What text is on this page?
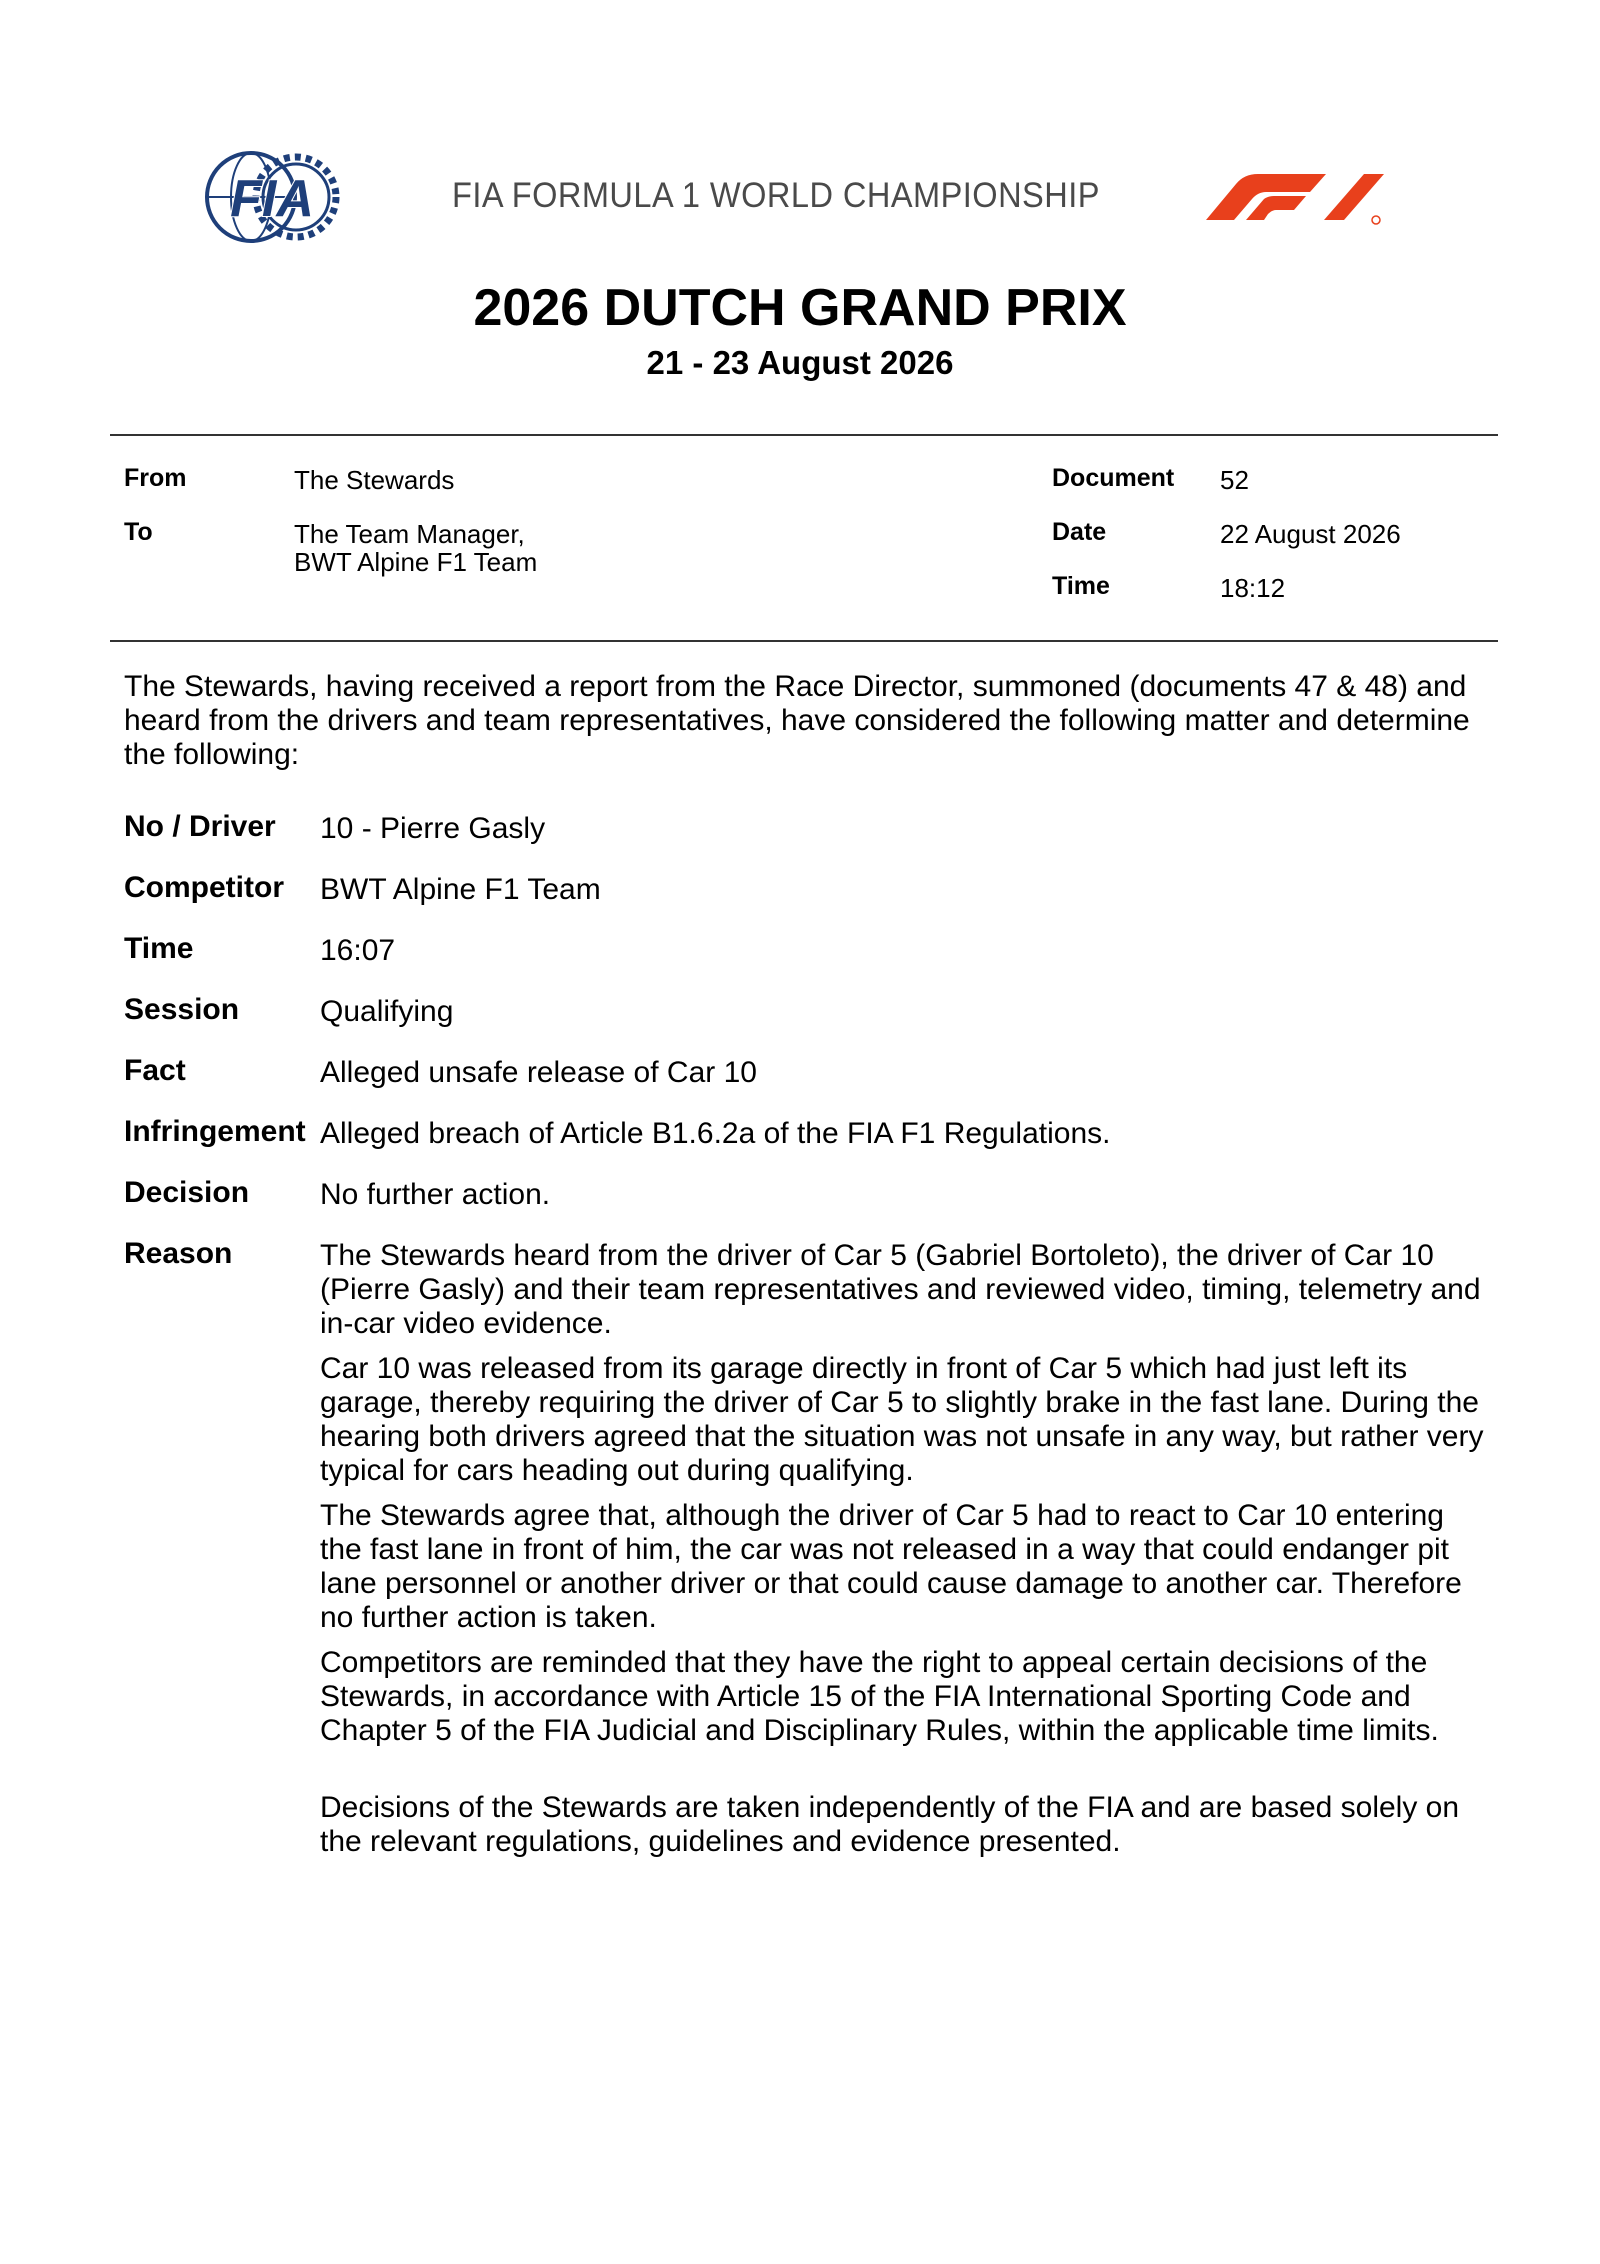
FIA	FIA FORMULA 1 WORLD CHAMPIONSHIP
2026 DUTCH GRAND PRIX
21 - 23 August 2026
From	The Stewards
To	The Team Manager,
BWT Alpine F1 Team
Document 52
Date	22 August 2026
Time	18:12
The Stewards, having received a report from the Race Director, summoned (documents 47 & 48) and heard from the drivers and team representatives, have considered the following matter and determine the following:
No / Driver 10 - Pierre Gasly
Competitor BWT Alpine F1 Team
Time	16:07
Session	Qualifying
Fact	Alleged unsafe release of Car 10
Infringement Alleged breach of Article B1.6.2a of the FIA F1 Regulations.
Decision No further action.
Reason	The Stewards heard from the driver of Car 5 (Gabriel Bortoleto), the driver of Car 10 (Pierre Gasly) and their team representatives and reviewed video, timing, telemetry and in-car video evidence.
Car 10 was released from its garage directly in front of Car 5 which had just left its garage, thereby requiring the driver of Car 5 to slightly brake in the fast lane. During the hearing both drivers agreed that the situation was not unsafe in any way, but rather very typical for cars heading out during qualifying.
The Stewards agree that, although the driver of Car 5 had to react to Car 10 entering the fast lane in front of him, the car was not released in a way that could endanger pit lane personnel or another driver or that could cause damage to another car. Therefore no further action is taken.
Competitors are reminded that they have the right to appeal certain decisions of the Stewards, in accordance with Article 15 of the FIA International Sporting Code and Chapter 5 of the FIA Judicial and Disciplinary Rules, within the applicable time limits.
Decisions of the Stewards are taken independently of the FIA and are based solely on the relevant regulations, guidelines and evidence presented.
